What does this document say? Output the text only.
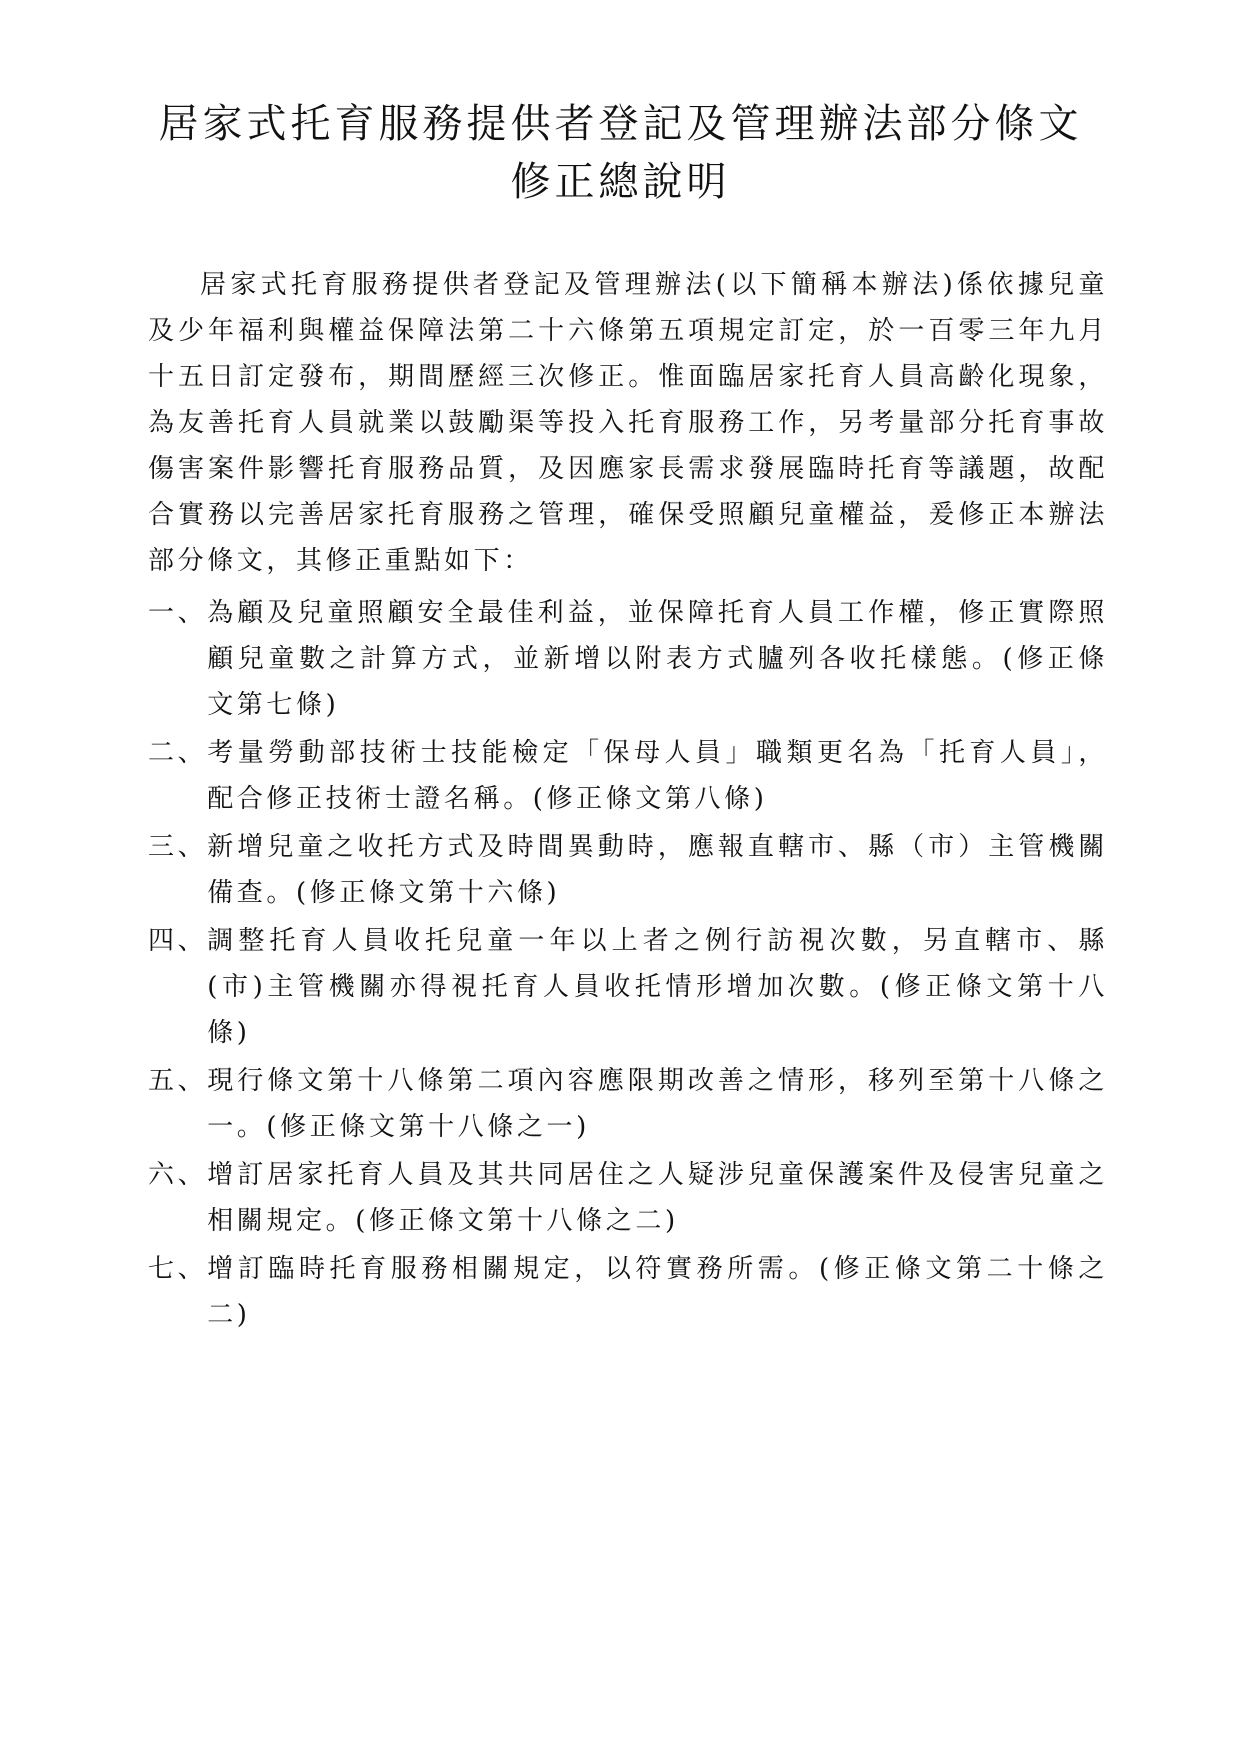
居家式托育服務提供者登記及管理辦法部分條文
修正總說明

居家式托育服務提供者登記及管理辦法(以下簡稱本辦法)係依據兒童及少年福利與權益保障法第二十六條第五項規定訂定，於一百零三年九月十五日訂定發布，期間歷經三次修正。惟面臨居家托育人員高齡化現象，為友善托育人員就業以鼓勵渠等投入托育服務工作，另考量部分托育事故傷害案件影響托育服務品質，及因應家長需求發展臨時托育等議題，故配合實務以完善居家托育服務之管理，確保受照顧兒童權益，爰修正本辦法部分條文，其修正重點如下：

一、 為顧及兒童照顧安全最佳利益，並保障托育人員工作權，修正實際照顧兒童數之計算方式，並新增以附表方式臚列各收托樣態。(修正條文第七條)
二、 考量勞動部技術士技能檢定「保母人員」職類更名為「托育人員」，配合修正技術士證名稱。(修正條文第八條)
三、 新增兒童之收托方式及時間異動時，應報直轄市、縣（市）主管機關備查。(修正條文第十六條)
四、 調整托育人員收托兒童一年以上者之例行訪視次數，另直轄市、縣(市)主管機關亦得視托育人員收托情形增加次數。(修正條文第十八條)
五、 現行條文第十八條第二項內容應限期改善之情形，移列至第十八條之一。(修正條文第十八條之一)
六、 增訂居家托育人員及其共同居住之人疑涉兒童保護案件及侵害兒童之相關規定。(修正條文第十八條之二)
七、 增訂臨時托育服務相關規定，以符實務所需。(修正條文第二十條之二)
